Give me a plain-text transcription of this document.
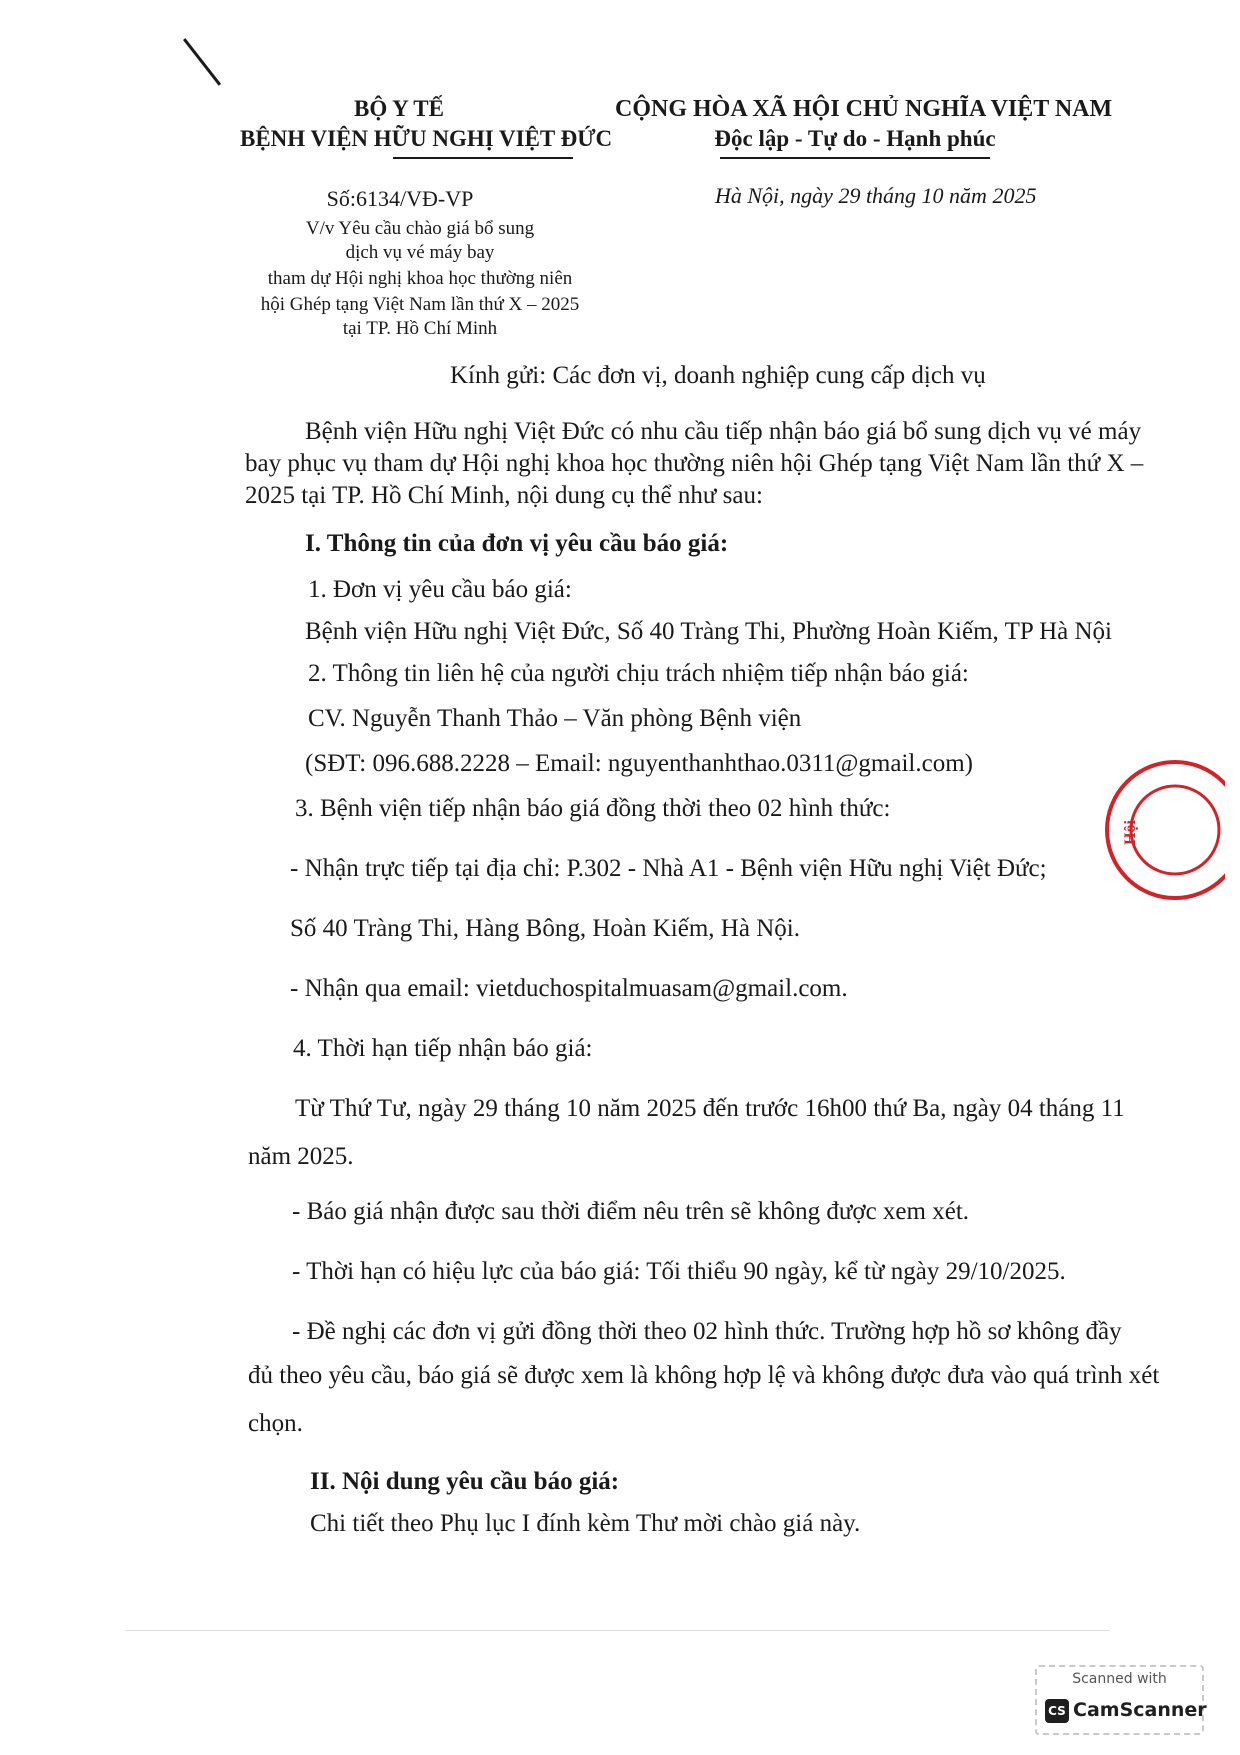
BỘ Y TẾ
BỆNH VIỆN HỮU NGHỊ VIỆT ĐỨC
CỘNG HÒA XÃ HỘI CHỦ NGHĨA VIỆT NAM
Độc lập - Tự do - Hạnh phúc
Số:6134/VĐ-VP	Hà Nội, ngày 29 tháng 10 năm 2025
V/v Yêu cầu chào giá bổ sung
dịch vụ vé máy bay
tham dự Hội nghị khoa học thường niên
hội Ghép tạng Việt Nam lần thứ X – 2025
tại TP. Hồ Chí Minh
Kính gửi: Các đơn vị, doanh nghiệp cung cấp dịch vụ
Bệnh viện Hữu nghị Việt Đức có nhu cầu tiếp nhận báo giá bổ sung dịch vụ vé máy
bay phục vụ tham dự Hội nghị khoa học thường niên hội Ghép tạng Việt Nam lần thứ X –
2025 tại TP. Hồ Chí Minh, nội dung cụ thể như sau:
I. Thông tin của đơn vị yêu cầu báo giá:
1. Đơn vị yêu cầu báo giá:
Bệnh viện Hữu nghị Việt Đức, Số 40 Tràng Thi, Phường Hoàn Kiếm, TP Hà Nội
2. Thông tin liên hệ của người chịu trách nhiệm tiếp nhận báo giá:
CV. Nguyễn Thanh Thảo – Văn phòng Bệnh viện
(SĐT: 096.688.2228 – Email: nguyenthanhthao.0311@gmail.com)
3. Bệnh viện tiếp nhận báo giá đồng thời theo 02 hình thức:
- Nhận trực tiếp tại địa chỉ: P.302 - Nhà A1 - Bệnh viện Hữu nghị Việt Đức;
Số 40 Tràng Thi, Hàng Bông, Hoàn Kiếm, Hà Nội.
- Nhận qua email: vietduchospitalmuasam@gmail.com.
4. Thời hạn tiếp nhận báo giá:
Từ Thứ Tư, ngày 29 tháng 10 năm 2025 đến trước 16h00 thứ Ba, ngày 04 tháng 11
năm 2025.
- Báo giá nhận được sau thời điểm nêu trên sẽ không được xem xét.
- Thời hạn có hiệu lực của báo giá: Tối thiểu 90 ngày, kể từ ngày 29/10/2025.
- Đề nghị các đơn vị gửi đồng thời theo 02 hình thức. Trường hợp hồ sơ không đầy
đủ theo yêu cầu, báo giá sẽ được xem là không hợp lệ và không được đưa vào quá trình xét
chọn.
II. Nội dung yêu cầu báo giá:
Chi tiết theo Phụ lục I đính kèm Thư mời chào giá này.
Hội
Scanned with
CS CamScanner
